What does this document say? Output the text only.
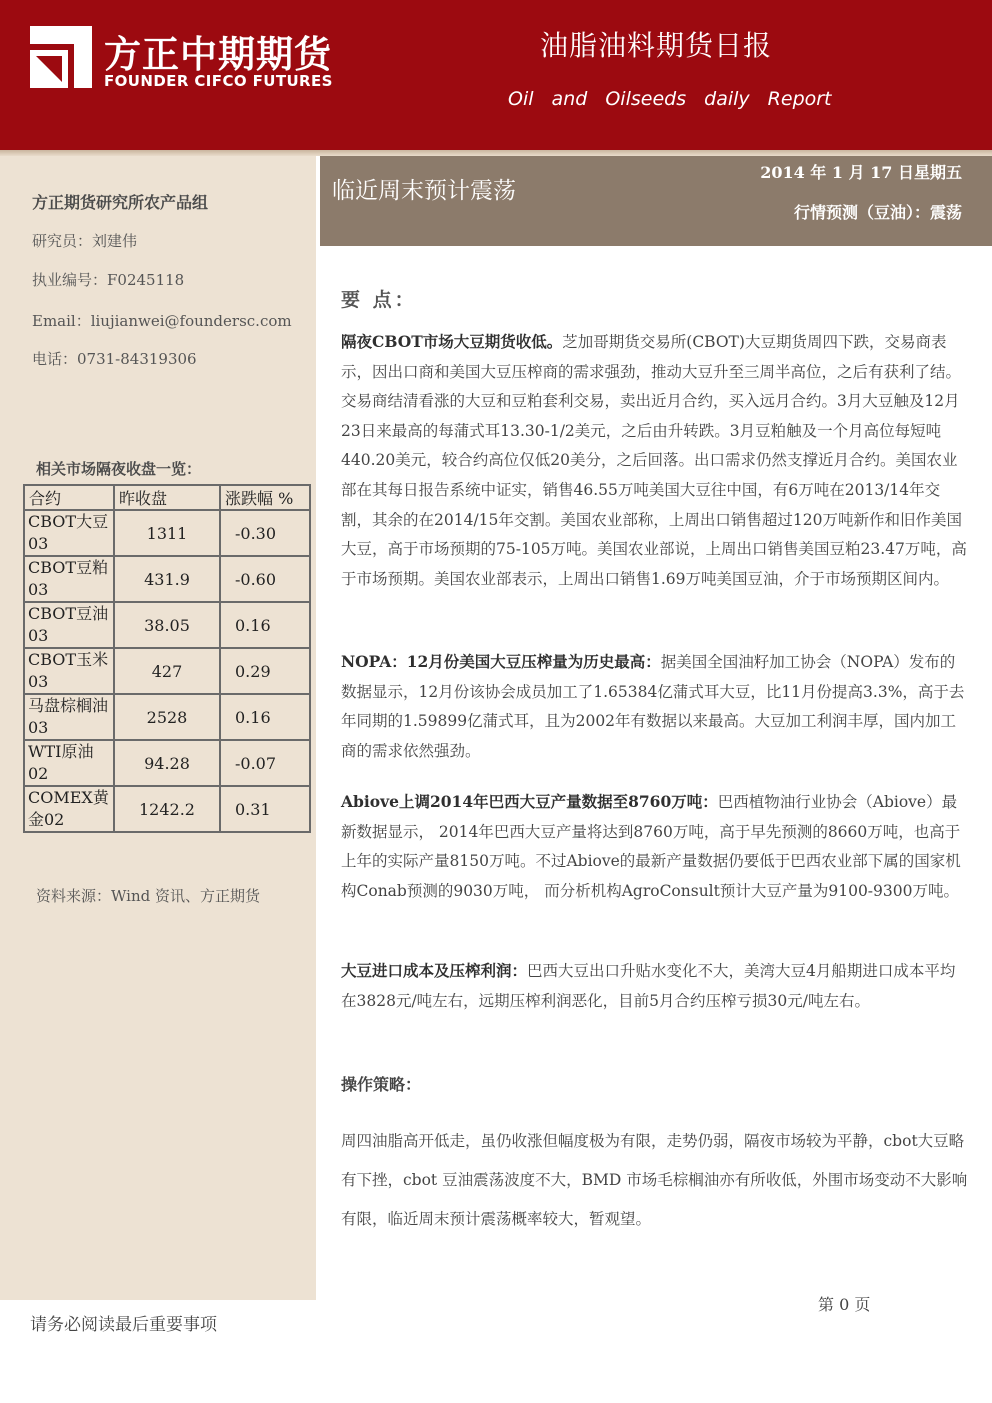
方正中期期货
FOUNDER CIFCO FUTURES
油脂油料期货日报
Oil and Oilseeds daily Report
临近周末预计震荡
2014 年 1 月 17 日星期五
行情预测（豆油）：震荡
方正期货研究所农产品组
研究员：刘建伟
执业编号：F0245118
Email：liujianwei@foundersc.com
电话：0731-84319306
相关市场隔夜收盘一览：
合约	昨收盘	涨跌幅 %
CBOT大豆03	1311	-0.30
CBOT豆粕03	431.9	-0.60
CBOT豆油03	38.05	0.16
CBOT玉米03	427	0.29
马盘棕榈油03	2528	0.16
WTI原油02	94.28	-0.07
COMEX黄金02	1242.2	0.31
资料来源：Wind 资讯、方正期货
要 点：
隔夜CBOT市场大豆期货收低。芝加哥期货交易所(CBOT)大豆期货周四下跌，交易商表示，因出口商和美国大豆压榨商的需求强劲，推动大豆升至三周半高位，之后有获利了结。交易商结清看涨的大豆和豆粕套利交易，卖出近月合约，买入远月合约。3月大豆触及12月23日来最高的每蒲式耳13.30-1/2美元，之后由升转跌。3月豆粕触及一个月高位每短吨440.20美元，较合约高位仅低20美分，之后回落。出口需求仍然支撑近月合约。美国农业部在其每日报告系统中证实，销售46.55万吨美国大豆往中国，有6万吨在2013/14年交割，其余的在2014/15年交割。美国农业部称，上周出口销售超过120万吨新作和旧作美国大豆，高于市场预期的75-105万吨。美国农业部说，上周出口销售美国豆粕23.47万吨，高于市场预期。美国农业部表示，上周出口销售1.69万吨美国豆油，介于市场预期区间内。
NOPA：12月份美国大豆压榨量为历史最高：据美国全国油籽加工协会（NOPA）发布的数据显示，12月份该协会成员加工了1.65384亿蒲式耳大豆，比11月份提高3.3%，高于去年同期的1.59899亿蒲式耳，且为2002年有数据以来最高。大豆加工利润丰厚，国内加工商的需求依然强劲。
Abiove上调2014年巴西大豆产量数据至8760万吨：巴西植物油行业协会（Abiove）最新数据显示， 2014年巴西大豆产量将达到8760万吨，高于早先预测的8660万吨，也高于上年的实际产量8150万吨。不过Abiove的最新产量数据仍要低于巴西农业部下属的国家机构Conab预测的9030万吨， 而分析机构AgroConsult预计大豆产量为9100-9300万吨。
大豆进口成本及压榨利润：巴西大豆出口升贴水变化不大，美湾大豆4月船期进口成本平均在3828元/吨左右，远期压榨利润恶化，目前5月合约压榨亏损30元/吨左右。
操作策略：
周四油脂高开低走，虽仍收涨但幅度极为有限，走势仍弱，隔夜市场较为平静，cbot大豆略有下挫，cbot 豆油震荡波度不大，BMD 市场毛棕榈油亦有所收低，外围市场变动不大影响有限，临近周末预计震荡概率较大，暂观望。
第 0 页
请务必阅读最后重要事项
